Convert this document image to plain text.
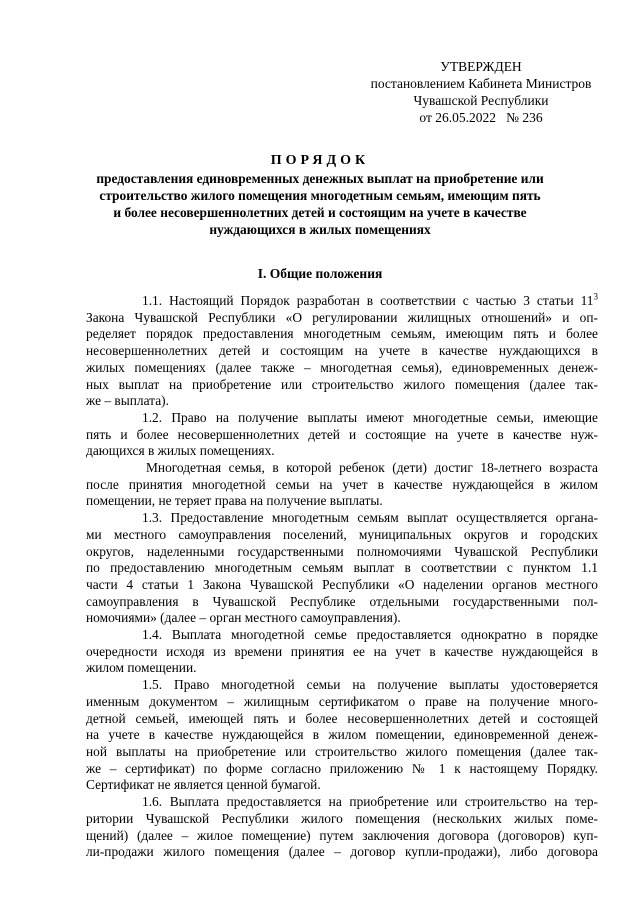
УТВЕРЖДЕН
постановлением Кабинета Министров
Чувашской Республики
от 26.05.2022   № 236
ПОРЯДОК
предоставления единовременных денежных выплат на приобретение или
строительство жилого помещения многодетным семьям, имеющим пять
и более несовершеннолетних детей и состоящим на учете в качестве
нуждающихся в жилых помещениях
I. Общие положения
1.1. Настоящий Порядок разработан в соответствии с частью 3 статьи $11^3$
Закона Чувашской Республики «О регулировании жилищных отношений» и оп-
ределяет порядок предоставления многодетным семьям, имеющим пять и более
несовершеннолетних детей и состоящим на учете в качестве нуждающихся в
жилых помещениях (далее также – многодетная семья), единовременных денеж-
ных выплат на приобретение или строительство жилого помещения (далее так-
же – выплата).
1.2. Право на получение выплаты имеют многодетные семьи, имеющие
пять и более несовершеннолетних детей и состоящие на учете в качестве нуж-
дающихся в жилых помещениях.
Многодетная семья, в которой ребенок (дети) достиг 18-летнего возраста
после принятия многодетной семьи на учет в качестве нуждающейся в жилом
помещении, не теряет права на получение выплаты.
1.3. Предоставление многодетным семьям выплат осуществляется органа-
ми местного самоуправления поселений, муниципальных округов и городских
округов, наделенными государственными полномочиями Чувашской Республики
по предоставлению многодетным семьям выплат в соответствии с пунктом 1.1
части 4 статьи 1 Закона Чувашской Республики «О наделении органов местного
самоуправления в Чувашской Республике отдельными государственными пол-
номочиями» (далее – орган местного самоуправления).
1.4. Выплата многодетной семье предоставляется однократно в порядке
очередности исходя из времени принятия ее на учет в качестве нуждающейся в
жилом помещении.
1.5. Право многодетной семьи на получение выплаты удостоверяется
именным документом – жилищным сертификатом о праве на получение много-
детной семьей, имеющей пять и более несовершеннолетних детей и состоящей
на учете в качестве нуждающейся в жилом помещении, единовременной денеж-
ной выплаты на приобретение или строительство жилого помещения (далее так-
же – сертификат) по форме согласно приложению № 1 к настоящему Порядку.
Сертификат не является ценной бумагой.
1.6. Выплата предоставляется на приобретение или строительство на тер-
ритории Чувашской Республики жилого помещения (нескольких жилых поме-
щений) (далее – жилое помещение) путем заключения договора (договоров) куп-
ли-продажи жилого помещения (далее – договор купли-продажи), либо договора
